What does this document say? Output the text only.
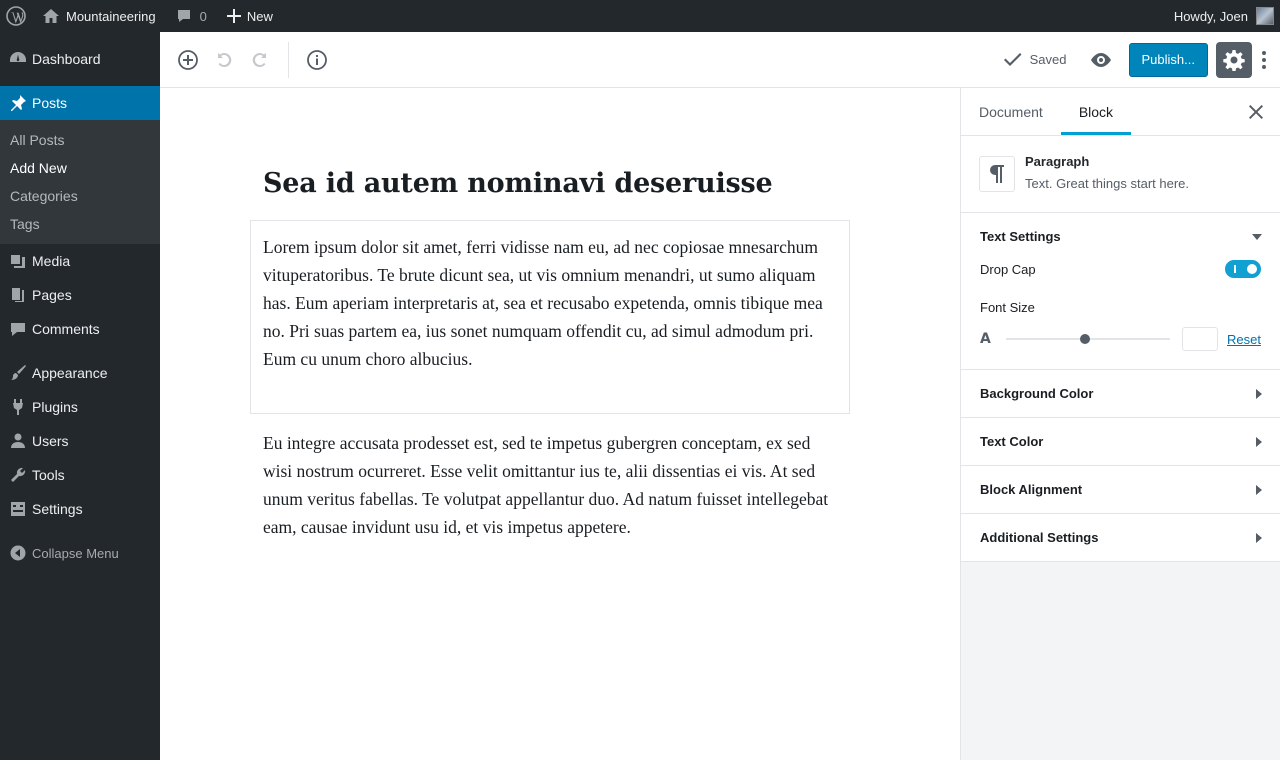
Mountaineering	0	New	Howdy, Joen
Dashboard
Posts
All Posts
Add New
Categories
Tags
Media
Pages
Comments
Appearance
Plugins
Users
Tools
Settings
Collapse Menu
Saved	Publish...
Sea id autem nominavi deseruisse
Lorem ipsum dolor sit amet, ferri vidisse nam eu, ad nec copiosae mnesarchum vituperatoribus. Te brute dicunt sea, ut vis omnium menandri, ut sumo aliquam has. Eum aperiam interpretaris at, sea et recusabo expetenda, omnis tibique mea no. Pri suas partem ea, ius sonet numquam offendit cu, ad simul admodum pri. Eum cu unum choro albucius.
Eu integre accusata prodesset est, sed te impetus gubergren conceptam, ex sed wisi nostrum ocurreret. Esse velit omittantur ius te, alii dissentias ei vis. At sed unum veritus fabellas. Te volutpat appellantur duo. Ad natum fuisset intellegebat eam, causae invidunt usu id, et vis impetus appetere.
Document	Block
Paragraph
Text. Great things start here.
Text Settings
Drop Cap
Font Size
A	Reset
Background Color
Text Color
Block Alignment
Additional Settings
